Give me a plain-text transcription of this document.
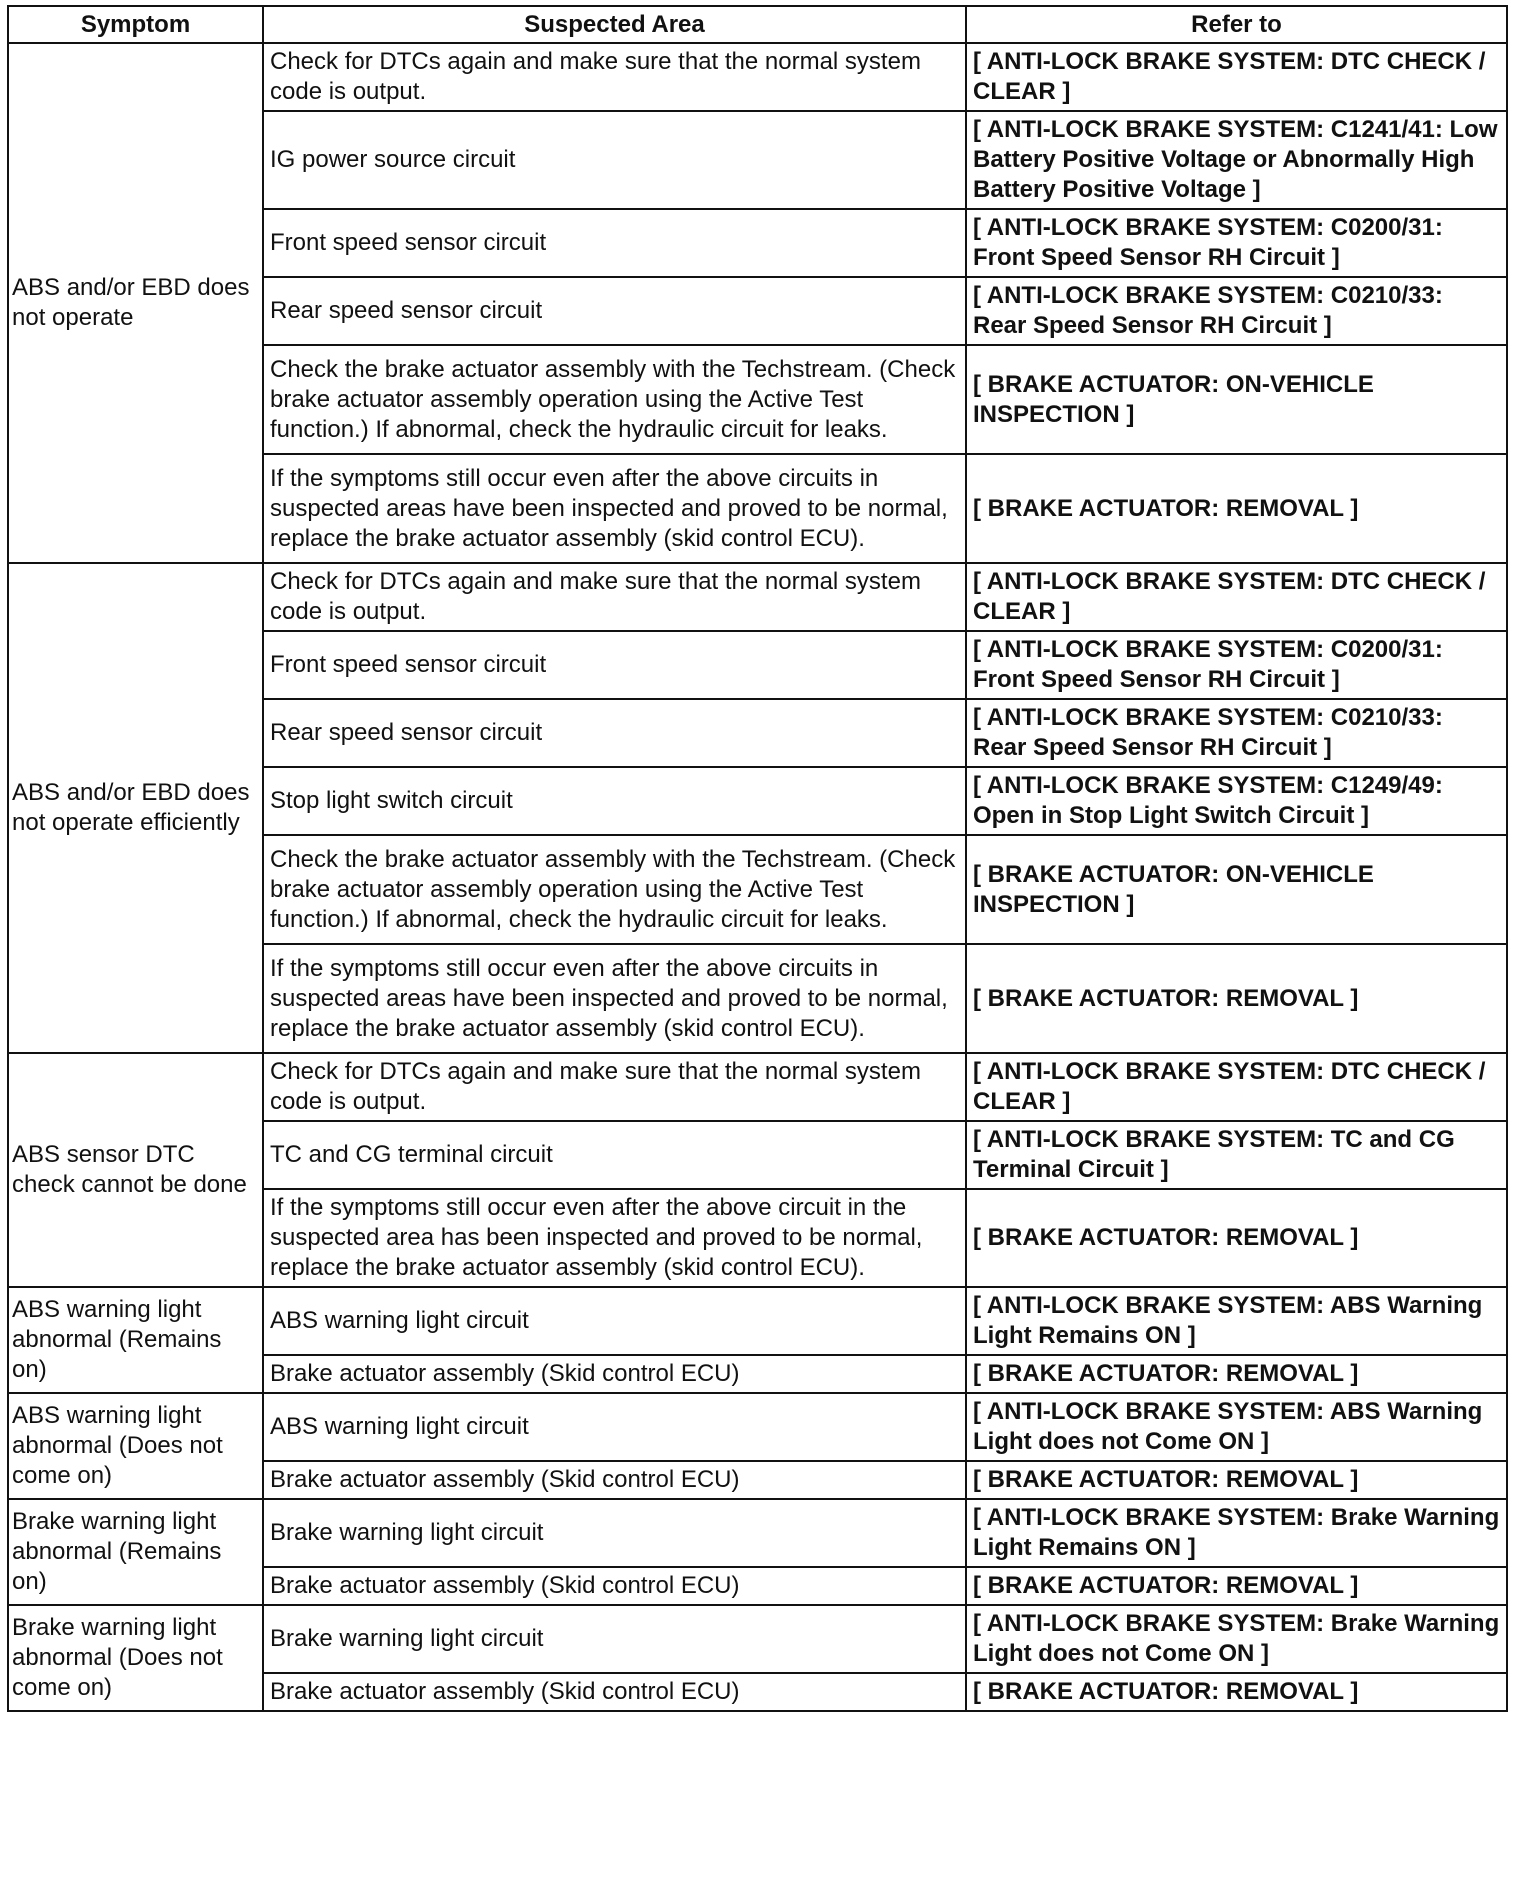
Symptom	Suspected Area	Refer to
ABS and/or EBD does not operate	Check for DTCs again and make sure that the normal system code is output.	[ ANTI-LOCK BRAKE SYSTEM: DTC CHECK / CLEAR ]
	IG power source circuit	[ ANTI-LOCK BRAKE SYSTEM: C1241/41: Low Battery Positive Voltage or Abnormally High Battery Positive Voltage ]
	Front speed sensor circuit	[ ANTI-LOCK BRAKE SYSTEM: C0200/31: Front Speed Sensor RH Circuit ]
	Rear speed sensor circuit	[ ANTI-LOCK BRAKE SYSTEM: C0210/33: Rear Speed Sensor RH Circuit ]
	Check the brake actuator assembly with the Techstream. (Check brake actuator assembly operation using the Active Test function.) If abnormal, check the hydraulic circuit for leaks.	[ BRAKE ACTUATOR: ON-VEHICLE INSPECTION ]
	If the symptoms still occur even after the above circuits in suspected areas have been inspected and proved to be normal, replace the brake actuator assembly (skid control ECU).	[ BRAKE ACTUATOR: REMOVAL ]
ABS and/or EBD does not operate efficiently	Check for DTCs again and make sure that the normal system code is output.	[ ANTI-LOCK BRAKE SYSTEM: DTC CHECK / CLEAR ]
	Front speed sensor circuit	[ ANTI-LOCK BRAKE SYSTEM: C0200/31: Front Speed Sensor RH Circuit ]
	Rear speed sensor circuit	[ ANTI-LOCK BRAKE SYSTEM: C0210/33: Rear Speed Sensor RH Circuit ]
	Stop light switch circuit	[ ANTI-LOCK BRAKE SYSTEM: C1249/49: Open in Stop Light Switch Circuit ]
	Check the brake actuator assembly with the Techstream. (Check brake actuator assembly operation using the Active Test function.) If abnormal, check the hydraulic circuit for leaks.	[ BRAKE ACTUATOR: ON-VEHICLE INSPECTION ]
	If the symptoms still occur even after the above circuits in suspected areas have been inspected and proved to be normal, replace the brake actuator assembly (skid control ECU).	[ BRAKE ACTUATOR: REMOVAL ]
ABS sensor DTC check cannot be done	Check for DTCs again and make sure that the normal system code is output.	[ ANTI-LOCK BRAKE SYSTEM: DTC CHECK / CLEAR ]
	TC and CG terminal circuit	[ ANTI-LOCK BRAKE SYSTEM: TC and CG Terminal Circuit ]
	If the symptoms still occur even after the above circuit in the suspected area has been inspected and proved to be normal, replace the brake actuator assembly (skid control ECU).	[ BRAKE ACTUATOR: REMOVAL ]
ABS warning light abnormal (Remains on)	ABS warning light circuit	[ ANTI-LOCK BRAKE SYSTEM: ABS Warning Light Remains ON ]
	Brake actuator assembly (Skid control ECU)	[ BRAKE ACTUATOR: REMOVAL ]
ABS warning light abnormal (Does not come on)	ABS warning light circuit	[ ANTI-LOCK BRAKE SYSTEM: ABS Warning Light does not Come ON ]
	Brake actuator assembly (Skid control ECU)	[ BRAKE ACTUATOR: REMOVAL ]
Brake warning light abnormal (Remains on)	Brake warning light circuit	[ ANTI-LOCK BRAKE SYSTEM: Brake Warning Light Remains ON ]
	Brake actuator assembly (Skid control ECU)	[ BRAKE ACTUATOR: REMOVAL ]
Brake warning light abnormal (Does not come on)	Brake warning light circuit	[ ANTI-LOCK BRAKE SYSTEM: Brake Warning Light does not Come ON ]
	Brake actuator assembly (Skid control ECU)	[ BRAKE ACTUATOR: REMOVAL ]
